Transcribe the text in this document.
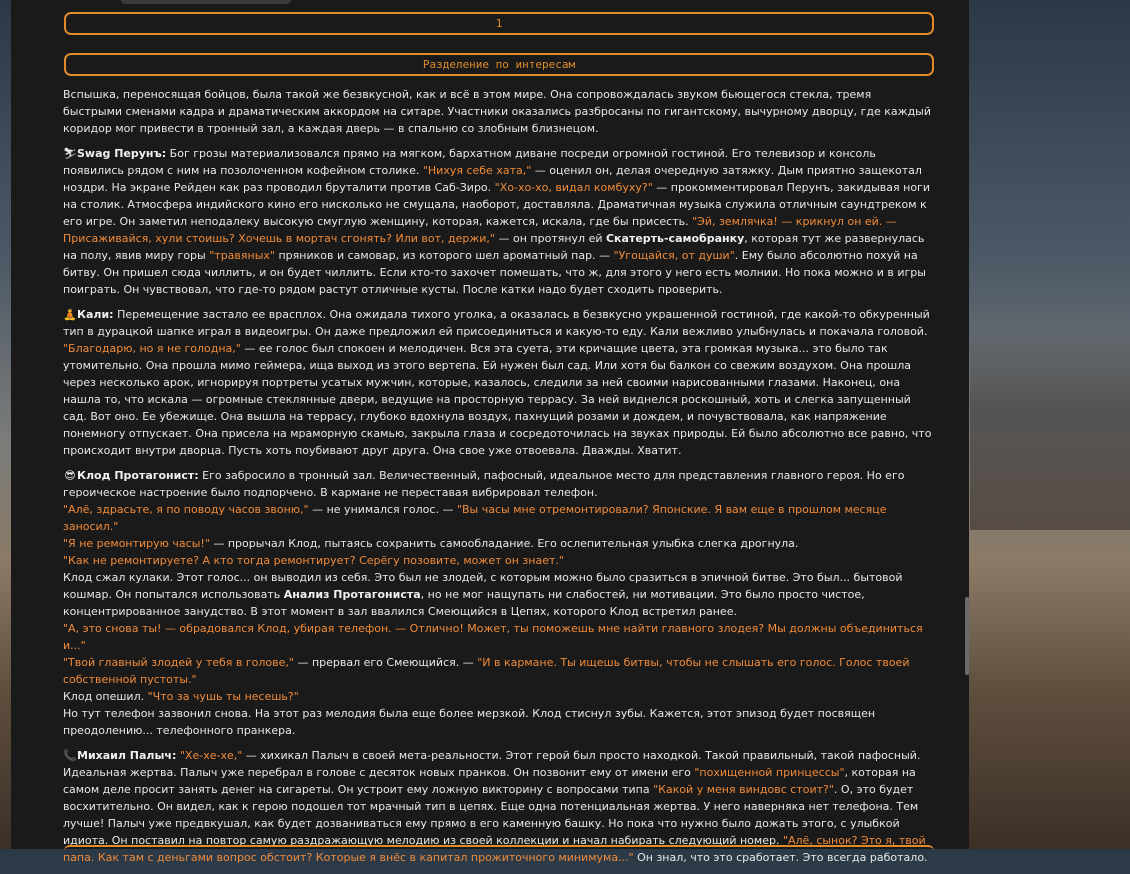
1
Разделение по интересам

Вспышка, переносящая бойцов, была такой же безвкусной, как и всё в этом мире. Она сопровождалась звуком бьющегося стекла, тремя быстрыми сменами кадра и драматическим аккордом на ситаре. Участники оказались разбросаны по гигантскому, вычурному дворцу, где каждый коридор мог привести в тронный зал, а каждая дверь — в спальню со злобным близнецом.

⛷Swag Перунъ: Бог грозы материализовался прямо на мягком, бархатном диване посреди огромной гостиной. Его телевизор и консоль появились рядом с ним на позолоченном кофейном столике. "Нихуя себе хата," — оценил он, делая очередную затяжку. Дым приятно защекотал ноздри. На экране Рейден как раз проводил бруталити против Саб-Зиро. "Хо-хо-хо, видал комбуху?" — прокомментировал Перунъ, закидывая ноги на столик. Атмосфера индийского кино его нисколько не смущала, наоборот, доставляла. Драматичная музыка служила отличным саундтреком к его игре. Он заметил неподалеку высокую смуглую женщину, которая, кажется, искала, где бы присесть. "Эй, землячка! — крикнул он ей. — Присаживайся, хули стоишь? Хочешь в мортач сгонять? Или вот, держи," — он протянул ей Скатерть-самобранку, которая тут же развернулась на полу, явив миру горы "травяных" пряников и самовар, из которого шел ароматный пар. — "Угощайся, от души". Ему было абсолютно похуй на битву. Он пришел сюда чиллить, и он будет чиллить. Если кто-то захочет помешать, что ж, для этого у него есть молнии. Но пока можно и в игры поиграть. Он чувствовал, что где-то рядом растут отличные кусты. После катки надо будет сходить проверить.

🧘Кали: Перемещение застало ее врасплох. Она ожидала тихого уголка, а оказалась в безвкусно украшенной гостиной, где какой-то обкуренный тип в дурацкой шапке играл в видеоигры. Он даже предложил ей присоединиться и какую-то еду. Кали вежливо улыбнулась и покачала головой.
"Благодарю, но я не голодна," — ее голос был спокоен и мелодичен. Вся эта суета, эти кричащие цвета, эта громкая музыка... это было так утомительно. Она прошла мимо геймера, ища выход из этого вертепа. Ей нужен был сад. Или хотя бы балкон со свежим воздухом. Она прошла через несколько арок, игнорируя портреты усатых мужчин, которые, казалось, следили за ней своими нарисованными глазами. Наконец, она нашла то, что искала — огромные стеклянные двери, ведущие на просторную террасу. За ней виднелся роскошный, хоть и слегка запущенный сад. Вот оно. Ее убежище. Она вышла на террасу, глубоко вдохнула воздух, пахнущий розами и дождем, и почувствовала, как напряжение понемногу отпускает. Она присела на мраморную скамью, закрыла глаза и сосредоточилась на звуках природы. Ей было абсолютно все равно, что происходит внутри дворца. Пусть хоть поубивают друг друга. Она свое уже отвоевала. Дважды. Хватит.

😎Клод Протагонист: Его забросило в тронный зал. Величественный, пафосный, идеальное место для представления главного героя. Но его героическое настроение было подпорчено. В кармане не переставая вибрировал телефон.
"Алё, здрасьте, я по поводу часов звоню," — не унимался голос. — "Вы часы мне отремонтировали? Японские. Я вам еще в прошлом месяце заносил."
"Я не ремонтирую часы!" — прорычал Клод, пытаясь сохранить самообладание. Его ослепительная улыбка слегка дрогнула.
"Как не ремонтируете? А кто тогда ремонтирует? Серёгу позовите, может он знает."
Клод сжал кулаки. Этот голос... он выводил из себя. Это был не злодей, с которым можно было сразиться в эпичной битве. Это был... бытовой кошмар. Он попытался использовать Анализ Протагониста, но не мог нащупать ни слабостей, ни мотивации. Это было просто чистое, концентрированное занудство. В этот момент в зал ввалился Смеющийся в Цепях, которого Клод встретил ранее.
"А, это снова ты! — обрадовался Клод, убирая телефон. — Отлично! Может, ты поможешь мне найти главного злодея? Мы должны объединиться и..."
"Твой главный злодей у тебя в голове," — прервал его Смеющийся. — "И в кармане. Ты ищешь битвы, чтобы не слышать его голос. Голос твоей собственной пустоты."
Клод опешил. "Что за чушь ты несешь?"
Но тут телефон зазвонил снова. На этот раз мелодия была еще более мерзкой. Клод стиснул зубы. Кажется, этот эпизод будет посвящен преодолению... телефонного пранкера.

📞Михаил Палыч: "Хе-хе-хе," — хихикал Палыч в своей мета-реальности. Этот герой был просто находкой. Такой правильный, такой пафосный. Идеальная жертва. Палыч уже перебрал в голове с десяток новых пранков. Он позвонит ему от имени его "похищенной принцессы", которая на самом деле просит занять денег на сигареты. Он устроит ему ложную викторину с вопросами типа "Какой у меня виндовс стоит?". О, это будет восхитительно. Он видел, как к герою подошел тот мрачный тип в цепях. Еще одна потенциальная жертва. У него наверняка нет телефона. Тем лучше! Палыч уже предвкушал, как будет дозваниваться ему прямо в его каменную башку. Но пока что нужно было дожать этого, с улыбкой идиота. Он поставил на повтор самую раздражающую мелодию из своей коллекции и начал набирать следующий номер. "Алё, сынок? Это я, твой папа. Как там с деньгами вопрос обстоит? Которые я внёс в капитал прожиточного минимума..." Он знал, что это сработает. Это всегда работало.
